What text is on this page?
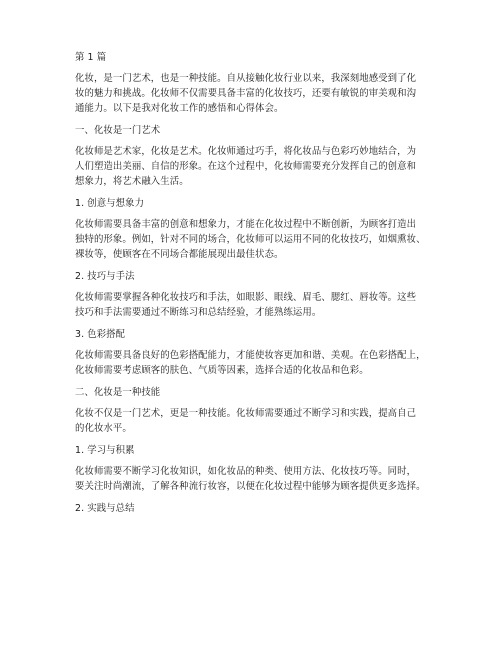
第 1 篇
化妆，是一门艺术，也是一种技能。自从接触化妆行业以来，我深刻地感受到了化
妆的魅力和挑战。化妆师不仅需要具备丰富的化妆技巧，还要有敏锐的审美观和沟
通能力。以下是我对化妆工作的感悟和心得体会。
一、化妆是一门艺术
化妆师是艺术家，化妆是艺术。化妆师通过巧手，将化妆品与色彩巧妙地结合，为
人们塑造出美丽、自信的形象。在这个过程中，化妆师需要充分发挥自己的创意和
想象力，将艺术融入生活。
1. 创意与想象力
化妆师需要具备丰富的创意和想象力，才能在化妆过程中不断创新，为顾客打造出
独特的形象。例如，针对不同的场合，化妆师可以运用不同的化妆技巧，如烟熏妆、
裸妆等，使顾客在不同场合都能展现出最佳状态。
2. 技巧与手法
化妆师需要掌握各种化妆技巧和手法，如眼影、眼线、眉毛、腮红、唇妆等。这些
技巧和手法需要通过不断练习和总结经验，才能熟练运用。
3. 色彩搭配
化妆师需要具备良好的色彩搭配能力，才能使妆容更加和谐、美观。在色彩搭配上，
化妆师需要考虑顾客的肤色、气质等因素，选择合适的化妆品和色彩。
二、化妆是一种技能
化妆不仅是一门艺术，更是一种技能。化妆师需要通过不断学习和实践，提高自己
的化妆水平。
1. 学习与积累
化妆师需要不断学习化妆知识，如化妆品的种类、使用方法、化妆技巧等。同时，
要关注时尚潮流，了解各种流行妆容，以便在化妆过程中能够为顾客提供更多选择。
2. 实践与总结
